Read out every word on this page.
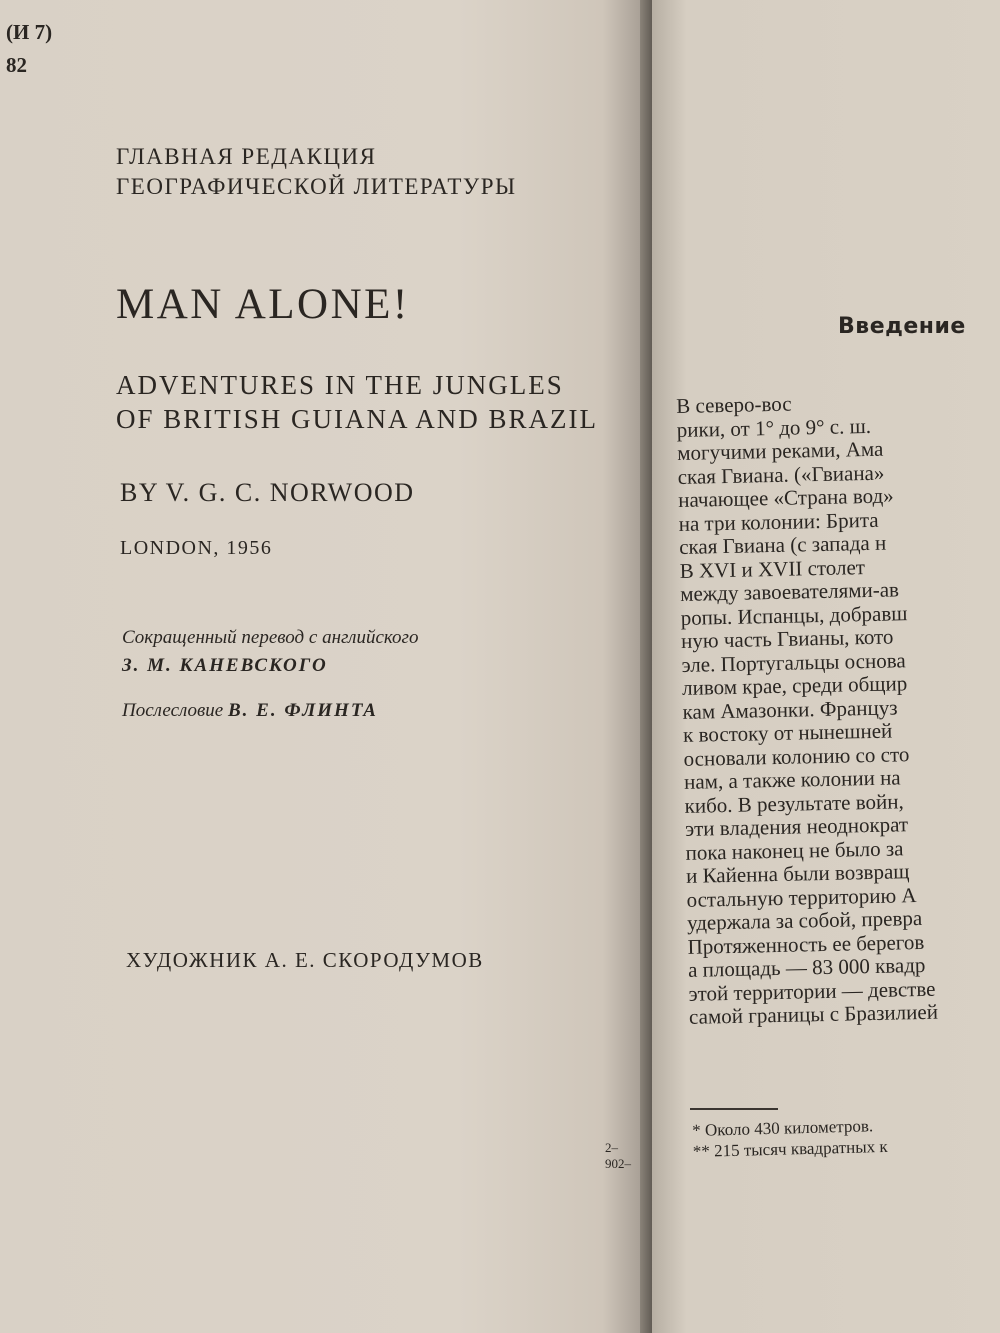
(И 7)
82
ГЛАВНАЯ РЕДАКЦИЯ
ГЕОГРАФИЧЕСКОЙ ЛИТЕРАТУРЫ
MAN ALONE!
ADVENTURES IN THE JUNGLES
OF BRITISH GUIANA AND BRAZIL
BY V. G. C. NORWOOD
LONDON, 1956
Сокращенный перевод с английского
З. М. КАНЕВСКОГО
Послесловие В. Е. ФЛИНТА
ХУДОЖНИК А. Е. СКОРОДУМОВ
2–
902–
Введение
В северо-вос
рики, от 1° до 9° с. ш.
могучими реками, Ама
ская Гвиана. («Гвиана»
начающее «Страна вод»
на три колонии: Брита
ская Гвиана (с запада н
В XVI и XVII столет
между завоевателями-ав
ропы. Испанцы, добравш
ную часть Гвианы, кото
эле. Португальцы основа
ливом крае, среди общир
кам Амазонки. Француз
к востоку от нынешней
основали колонию со сто
нам, а также колонии на
кибо. В результате войн,
эти владения неоднократ
пока наконец не было за
и Кайенна были возвращ
остальную территорию А
удержала за собой, превра
Протяженность ее берегов
а площадь — 83 000 квадр
этой территории — девстве
самой границы с Бразилией
* Около 430 километров.
** 215 тысяч квадратных к
